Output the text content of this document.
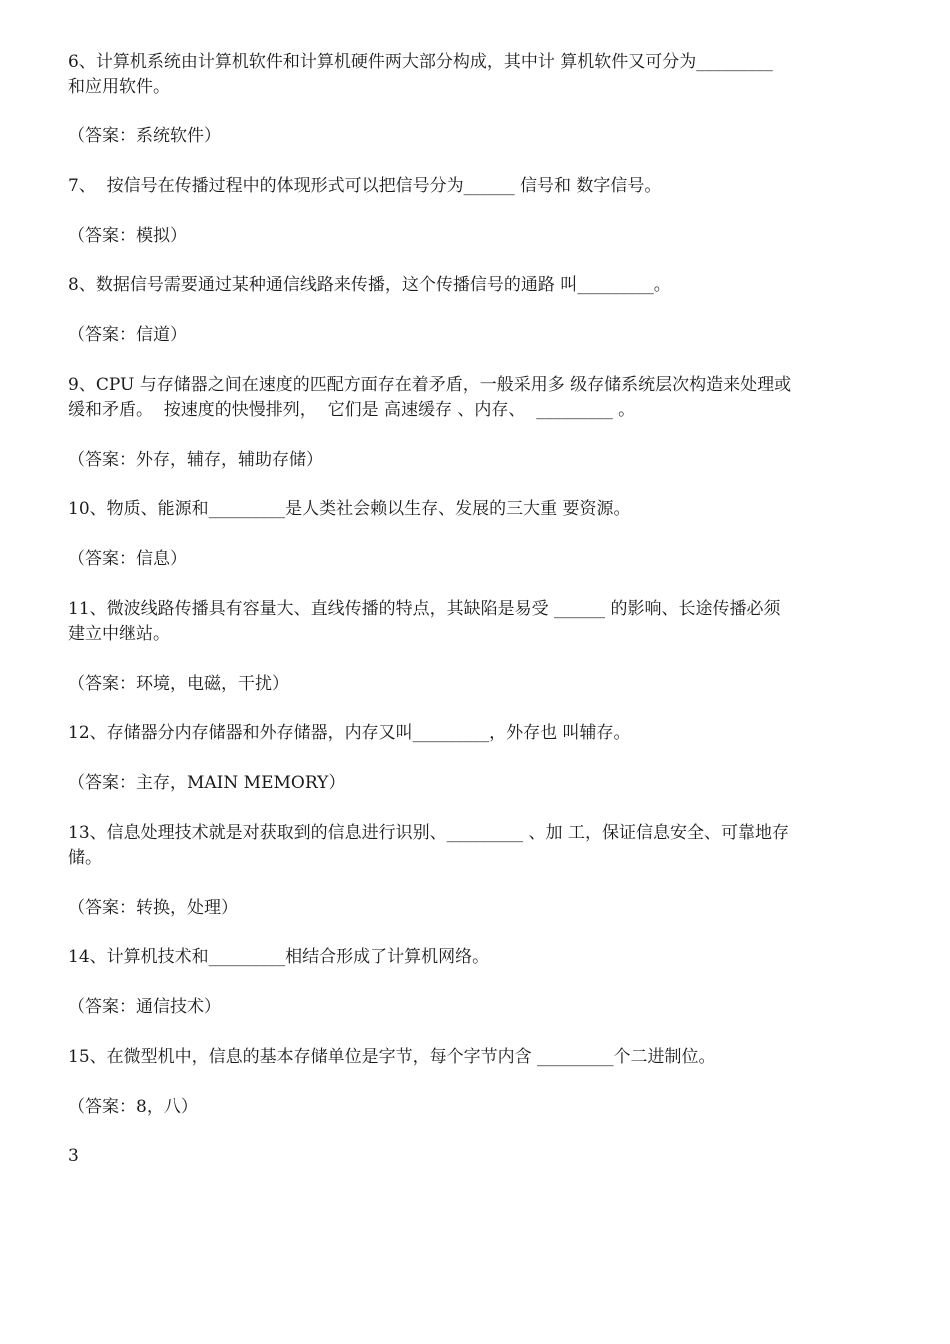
6、计算机系统由计算机软件和计算机硬件两大部分构成，其中计 算机软件又可分为_________
和应用软件。
（答案：系统软件）
7、  按信号在传播过程中的体现形式可以把信号分为______ 信号和 数字信号。
（答案：模拟）
8、数据信号需要通过某种通信线路来传播，这个传播信号的通路 叫_________。
（答案：信道）
9、CPU 与存储器之间在速度的匹配方面存在着矛盾，一般采用多 级存储系统层次构造来处理或
缓和矛盾。  按速度的快慢排列，  它们是 高速缓存 、内存、  _________ 。
（答案：外存，辅存，辅助存储）
10、物质、能源和_________是人类社会赖以生存、发展的三大重 要资源。
（答案：信息）
11、微波线路传播具有容量大、直线传播的特点，其缺陷是易受 ______ 的影响、长途传播必须
建立中继站。
（答案：环境，电磁，干扰）
12、存储器分内存储器和外存储器，内存又叫_________，外存也 叫辅存。
（答案：主存，MAIN MEMORY）
13、信息处理技术就是对获取到的信息进行识别、_________ 、加 工，保证信息安全、可靠地存
储。
（答案：转换，处理）
14、计算机技术和_________相结合形成了计算机网络。
（答案：通信技术）
15、在微型机中，信息的基本存储单位是字节，每个字节内含 _________个二进制位。
（答案：8，八）
3
